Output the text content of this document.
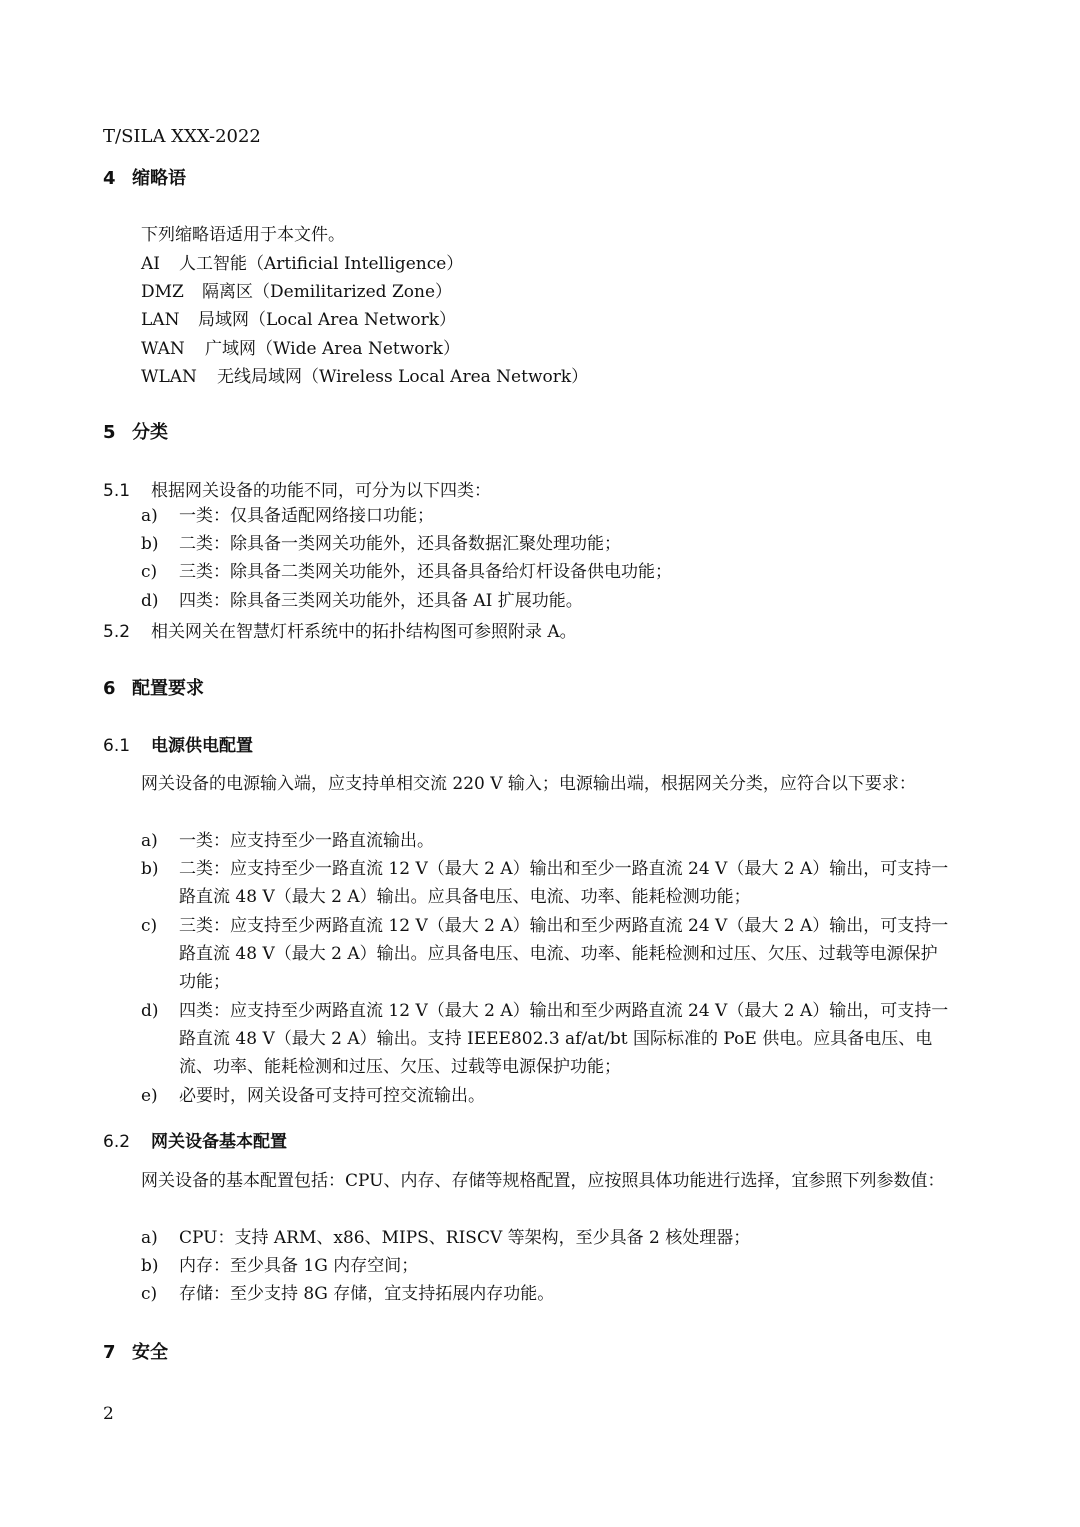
T/SILA XXX-2022
4 缩略语
下列缩略语适用于本文件。
AI 人工智能（Artificial Intelligence）
DMZ 隔离区（Demilitarized Zone）
LAN 局域网（Local Area Network）
WAN 广域网（Wide Area Network）
WLAN 无线局域网（Wireless Local Area Network）
5 分类
5.1 根据网关设备的功能不同，可分为以下四类：
a)	一类：仅具备适配网络接口功能；
b)	二类：除具备一类网关功能外，还具备数据汇聚处理功能；
c)	三类：除具备二类网关功能外，还具备具备给灯杆设备供电功能；
d)	四类：除具备三类网关功能外，还具备 AI 扩展功能。
5.2 相关网关在智慧灯杆系统中的拓扑结构图可参照附录 A。
6 配置要求
6.1 电源供电配置
网关设备的电源输入端，应支持单相交流 220 V 输入；电源输出端，根据网关分类，应符合以下要求：
a)	一类：应支持至少一路直流输出。
b)	二类：应支持至少一路直流 12 V（最大 2 A）输出和至少一路直流 24 V（最大 2 A）输出，可支持一路直流 48 V（最大 2 A）输出。应具备电压、电流、功率、能耗检测功能；
c)	三类：应支持至少两路直流 12 V（最大 2 A）输出和至少两路直流 24 V（最大 2 A）输出，可支持一路直流 48 V（最大 2 A）输出。应具备电压、电流、功率、能耗检测和过压、欠压、过载等电源保护功能；
d)	四类：应支持至少两路直流 12 V（最大 2 A）输出和至少两路直流 24 V（最大 2 A）输出，可支持一路直流 48 V（最大 2 A）输出。支持 IEEE802.3 af/at/bt 国际标准的 PoE 供电。应具备电压、电流、功率、能耗检测和过压、欠压、过载等电源保护功能；
e)	必要时，网关设备可支持可控交流输出。
6.2 网关设备基本配置
网关设备的基本配置包括：CPU、内存、存储等规格配置，应按照具体功能进行选择，宜参照下列参数值：
a)	CPU：支持 ARM、x86、MIPS、RISCV 等架构，至少具备 2 核处理器；
b)	内存：至少具备 1G 内存空间；
c)	存储：至少支持 8G 存储，宜支持拓展内存功能。
7 安全
2
